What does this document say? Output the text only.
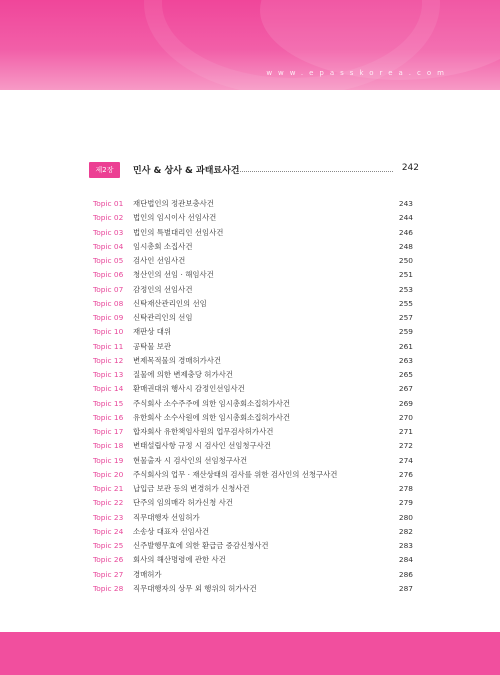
www.epasskorea.com
제2장	민사 & 상사 & 과태료사건	242
Topic 01 재단법인의 정관보충사건	243
Topic 02 법인의 임시이사 선임사건	244
Topic 03 법인의 특별대리인 선임사건	246
Topic 04 임시총회 소집사건	248
Topic 05 검사인 선임사건	250
Topic 06 청산인의 선임 · 해임사건	251
Topic 07 감정인의 선임사건	253
Topic 08 신탁재산관리인의 선임	255
Topic 09 신탁관리인의 선임	257
Topic 10 재판상 대위	259
Topic 11 공탁물 보관	261
Topic 12 변제목적물의 경매허가사건	263
Topic 13 질물에 의한 변제충당 허가사건	265
Topic 14 환매권대위 행사시 감정인선임사건	267
Topic 15 주식회사 소수주주에 의한 임시총회소집허가사건	269
Topic 16 유한회사 소수사원에 의한 임시총회소집허가사건	270
Topic 17 합자회사 유한책임사원의 업무검사허가사건	271
Topic 18 변태설립사항 규정 시 검사인 선임청구사건	272
Topic 19 현물출자 시 검사인의 선임청구사건	274
Topic 20 주식회사의 업무 · 재산상태의 검사를 위한 검사인의 선청구사건	276
Topic 21 납입금 보관 등의 변경허가 신청사건	278
Topic 22 단주의 임의매각 허가신청 사건	279
Topic 23 직무대행자 선임허가	280
Topic 24 소송상 대표자 선임사건	282
Topic 25 신주발행무효에 의한 환급금 증감신청사건	283
Topic 26 회사의 해산명령에 관한 사건	284
Topic 27 경매허가	286
Topic 28 직무대행자의 상무 외 행위의 허가사건	287
